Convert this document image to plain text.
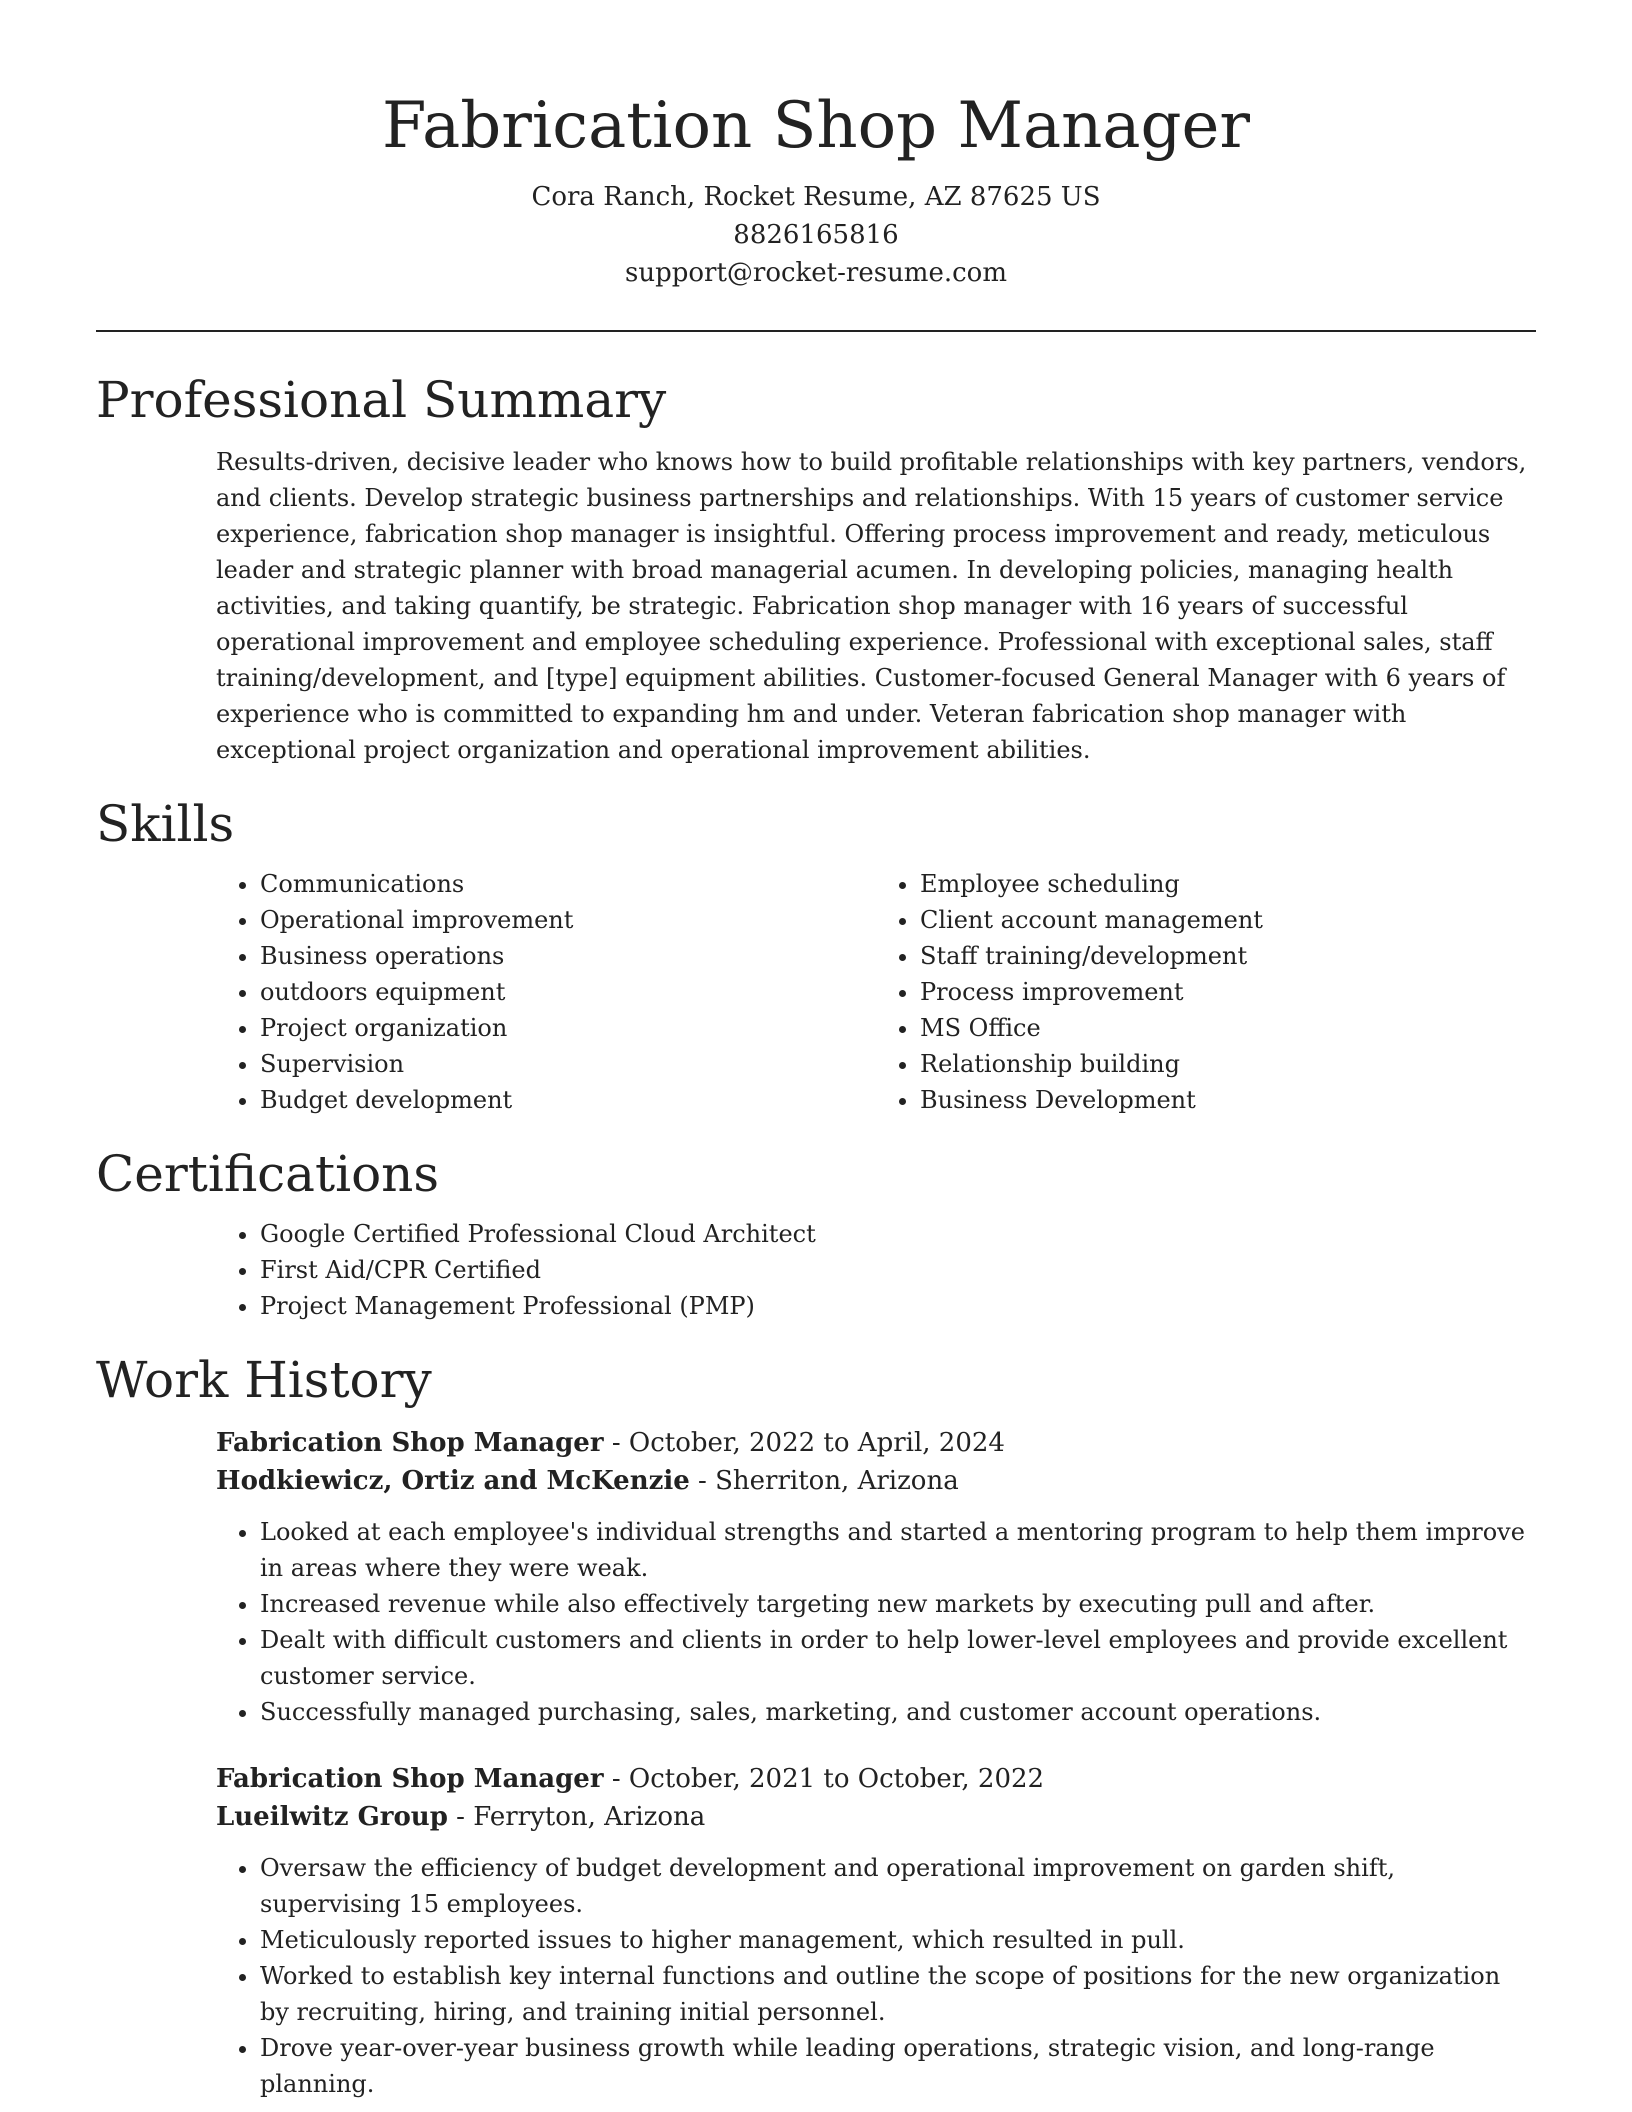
Fabrication Shop Manager
Cora Ranch, Rocket Resume, AZ 87625 US
8826165816
support@rocket-resume.com
Professional Summary

Results-driven, decisive leader who knows how to build profitable relationships with key partners, vendors, and clients. Develop strategic business partnerships and relationships. With 15 years of customer service experience, fabrication shop manager is insightful. Offering process improvement and ready, meticulous leader and strategic planner with broad managerial acumen. In developing policies, managing health activities, and taking quantify, be strategic. Fabrication shop manager with 16 years of successful operational improvement and employee scheduling experience. Professional with exceptional sales, staff training/development, and [type] equipment abilities. Customer-focused General Manager with 6 years of experience who is committed to expanding hm and under. Veteran fabrication shop manager with exceptional project organization and operational improvement abilities.

Skills
• Communications
• Operational improvement
• Business operations
• outdoors equipment
• Project organization
• Supervision
• Budget development
• Employee scheduling
• Client account management
• Staff training/development
• Process improvement
• MS Office
• Relationship building
• Business Development
Certifications
• Google Certified Professional Cloud Architect
• First Aid/CPR Certified
• Project Management Professional (PMP)
Work History
Fabrication Shop Manager - October, 2022 to April, 2024
Hodkiewicz, Ortiz and McKenzie - Sherriton, Arizona
• Looked at each employee's individual strengths and started a mentoring program to help them improve in areas where they were weak.
• Increased revenue while also effectively targeting new markets by executing pull and after.
• Dealt with difficult customers and clients in order to help lower-level employees and provide excellent customer service.
• Successfully managed purchasing, sales, marketing, and customer account operations.
Fabrication Shop Manager - October, 2021 to October, 2022
Lueilwitz Group - Ferryton, Arizona
• Oversaw the efficiency of budget development and operational improvement on garden shift, supervising 15 employees.
• Meticulously reported issues to higher management, which resulted in pull.
• Worked to establish key internal functions and outline the scope of positions for the new organization by recruiting, hiring, and training initial personnel.
• Drove year-over-year business growth while leading operations, strategic vision, and long-range planning.
